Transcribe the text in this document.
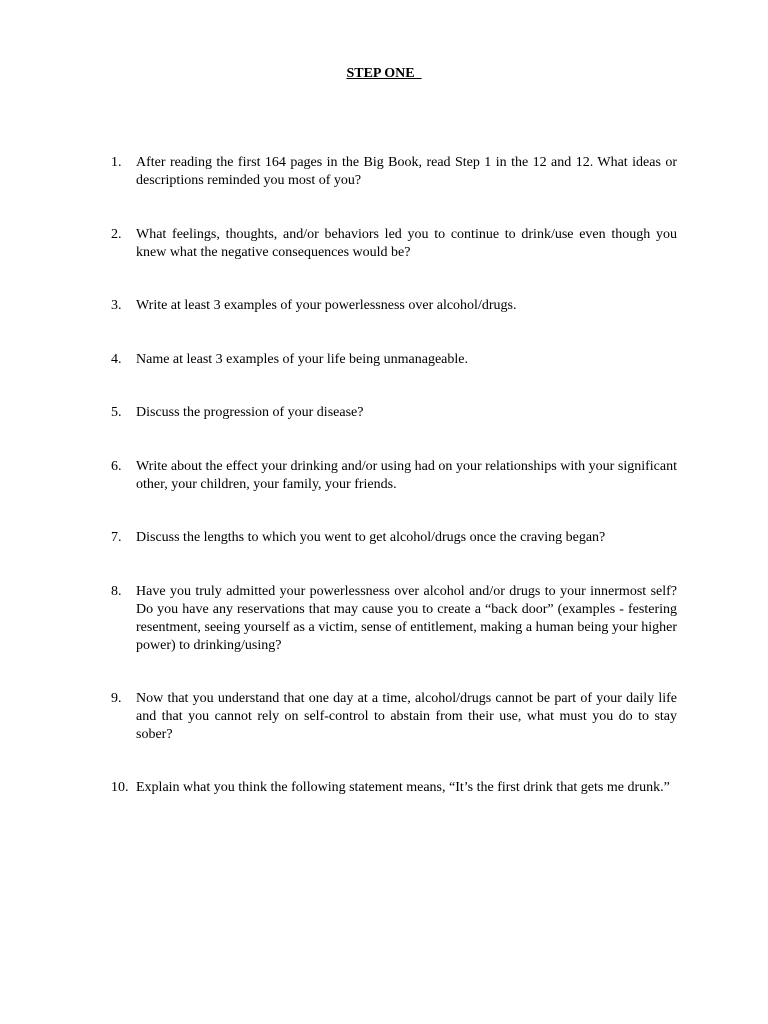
STEP ONE
1.	After reading the first 164 pages in the Big Book, read Step 1 in the 12 and 12. What ideas or descriptions reminded you most of you?
2.	What feelings, thoughts, and/or behaviors led you to continue to drink/use even though you knew what the negative consequences would be?
3.	Write at least 3 examples of your powerlessness over alcohol/drugs.
4.	Name at least 3 examples of your life being unmanageable.
5.	Discuss the progression of your disease?
6.	Write about the effect your drinking and/or using had on your relationships with your significant other, your children, your family, your friends.
7.	Discuss the lengths to which you went to get alcohol/drugs once the craving began?
8.	Have you truly admitted your powerlessness over alcohol and/or drugs to your innermost self? Do you have any reservations that may cause you to create a “back door” (examples - festering resentment, seeing yourself as a victim, sense of entitlement, making a human being your higher power) to drinking/using?
9.	Now that you understand that one day at a time, alcohol/drugs cannot be part of your daily life and that you cannot rely on self-control to abstain from their use, what must you do to stay sober?
10. Explain what you think the following statement means, “It’s the first drink that gets me drunk.”
